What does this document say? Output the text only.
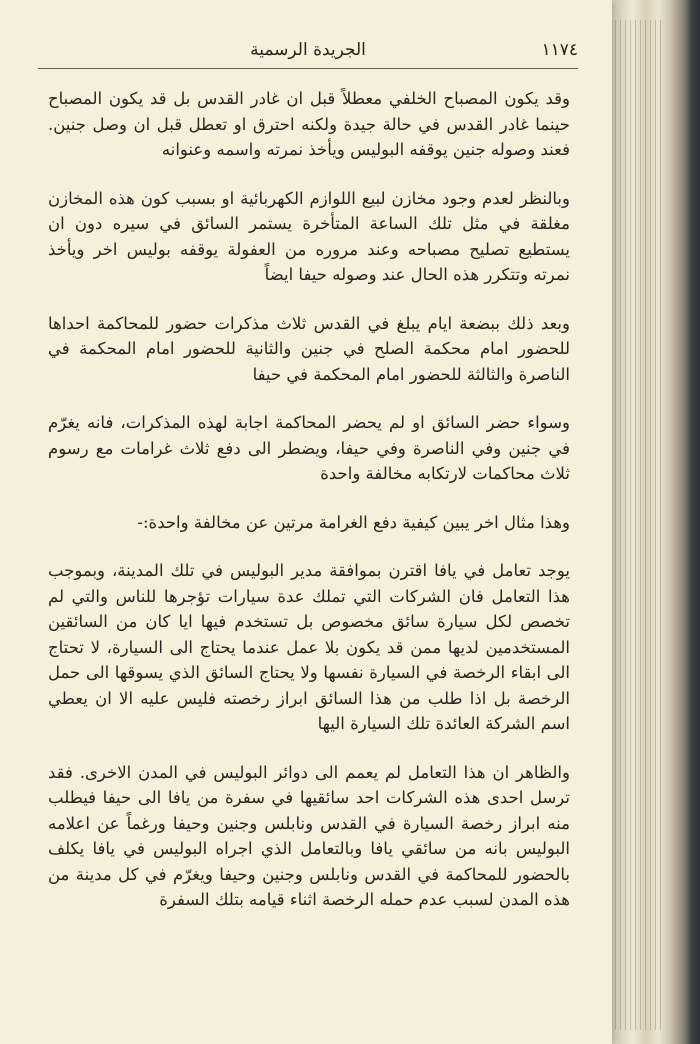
١١٧٤
الجريدة الرسمية

وقد يكون المصباح الخلفي معطلاً قبل ان غادر القدس بل قد يكون المصباح حينما غادر القدس في حالة جيدة ولكنه احترق او تعطل قبل ان وصل جنين. فعند وصوله جنين يوقفه البوليس ويأخذ نمرته واسمه وعنوانه

وبالنظر لعدم وجود مخازن لبيع اللوازم الكهربائية او بسبب كون هذه المخازن مغلقة في مثل تلك الساعة المتأخرة يستمر السائق في سيره دون ان يستطيع تصليح مصباحه وعند مروره من العفولة يوقفه بوليس اخر ويأخذ نمرته وتتكرر هذه الحال عند وصوله حيفا ايضاً

وبعد ذلك ببضعة ايام يبلغ في القدس ثلاث مذكرات حضور للمحاكمة احداها للحضور امام محكمة الصلح في جنين والثانية للحضور امام المحكمة في الناصرة والثالثة للحضور امام المحكمة في حيفا

وسواء حضر السائق او لم يحضر المحاكمة اجابة لهذه المذكرات، فانه يغرّم في جنين وفي الناصرة وفي حيفا، ويضطر الى دفع ثلاث غرامات مع رسوم ثلاث محاكمات لارتكابه مخالفة واحدة

وهذا مثال اخر يبين كيفية دفع الغرامة مرتين عن مخالفة واحدة:-

يوجد تعامل في يافا اقترن بموافقة مدير البوليس في تلك المدينة، وبموجب هذا التعامل فان الشركات التي تملك عدة سيارات تؤجرها للناس والتي لم تخصص لكل سيارة سائق مخصوص بل تستخدم فيها ايا كان من السائقين المستخدمين لديها ممن قد يكون بلا عمل عندما يحتاج الى السيارة، لا تحتاج الى ابقاء الرخصة في السيارة نفسها ولا يحتاج السائق الذي يسوقها الى حمل الرخصة بل اذا طلب من هذا السائق ابراز رخصته فليس عليه الا ان يعطي اسم الشركة العائدة تلك السيارة اليها

والظاهر ان هذا التعامل لم يعمم الى دوائر البوليس في المدن الاخرى. فقد ترسل احدى هذه الشركات احد سائقيها في سفرة من يافا الى حيفا فيطلب منه ابراز رخصة السيارة في القدس ونابلس وجنين وحيفا ورغماً عن اعلامه البوليس بانه من سائقي يافا وبالتعامل الذي اجراه البوليس في يافا يكلف بالحضور للمحاكمة في القدس ونابلس وجنين وحيفا ويغرّم في كل مدينة من هذه المدن لسبب عدم حمله الرخصة اثناء قيامه بتلك السفرة
